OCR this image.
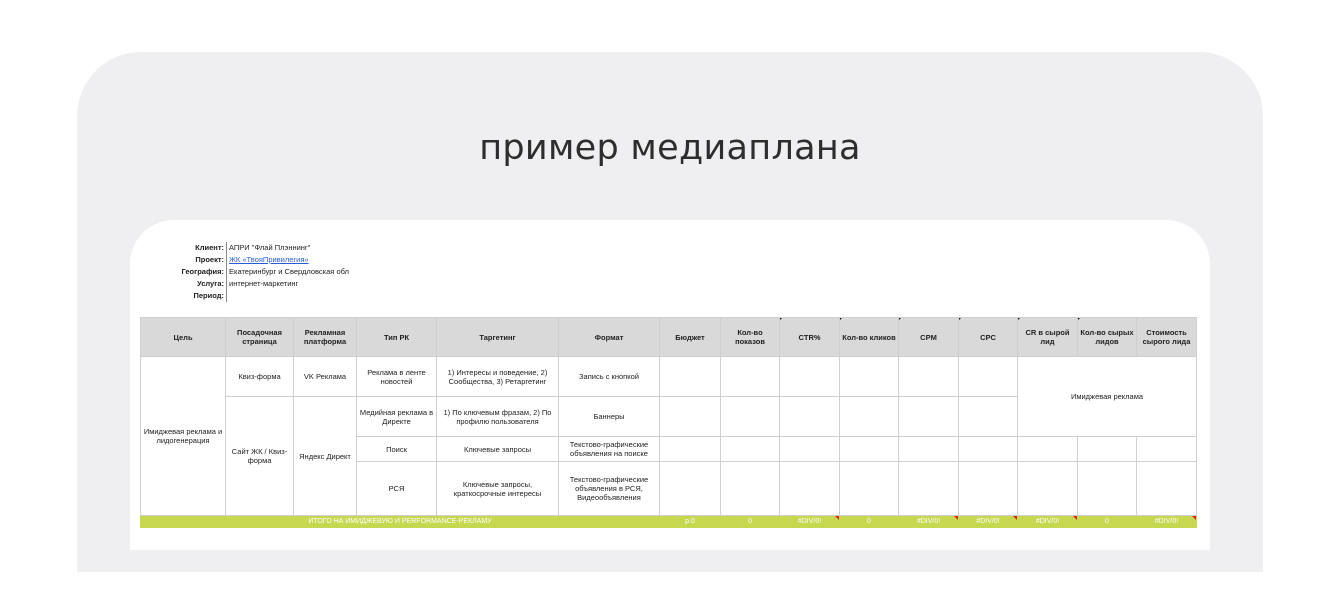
пример медиаплана
Клиент: АПРИ "Флай Плэннинг"
Проект: ЖК «ТвояПривилегия»
География: Екатеринбург и Свердловская обл
Услуга: интернет-маркетинг
Период:
Цель	Посадочная страница	Рекламная платформа	Тип РК	Таргетинг	Формат	Бюджет	Кол-во показов	CTR%	Кол-во кликов	CPM	CPC	CR в сырой лид	Кол-во сырых лидов	Стоимость сырого лида
Имиджевая реклама и лидогенерация	Квиз-форма	VK Реклама	Реклама в ленте новостей	1) Интересы и поведение, 2) Сообщества, 3) Ретаргетинг	Запись с кнопкой							Имиджевая реклама		
	Сайт ЖК / Квиз-форма	Яндекс Директ	Медийная реклама в Директе	1) По ключевым фразам, 2) По профилю пользователя	Баннеры									
			Поиск	Ключевые запросы	Текстово-графические объявления на поиске									
			РСЯ	Ключевые запросы, краткосрочные интересы	Текстово-графические объявления в РСЯ, Видеообъявления									
ИТОГО НА ИМИДЖЕВУЮ И PERFORMANCE-РЕКЛАМУ						р.0	0	#DIV/0!	0	#DIV/0!	#DIV/0!	#DIV/0!	0	#DIV/0!
